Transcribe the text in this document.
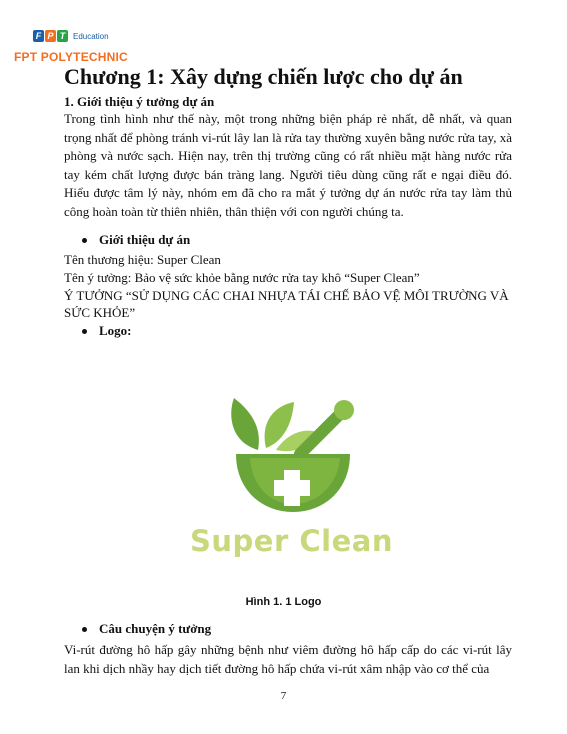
F P T Education
FPT POLYTECHNIC
Chương 1: Xây dựng chiến lược cho dự án
1. Giới thiệu ý tưởng dự án

Trong tình hình như thế này, một trong những biện pháp rẻ nhất, dễ nhất, và quan trọng nhất để phòng tránh vi-rút lây lan là rửa tay thường xuyên bằng nước rửa tay, xà phòng và nước sạch. Hiện nay, trên thị trường cũng có rất nhiều mặt hàng nước rửa tay kém chất lượng được bán tràng lang. Người tiêu dùng cũng rất e ngại điều đó. Hiểu được tâm lý này, nhóm em đã cho ra mắt ý tưởng dự án nước rửa tay làm thủ công hoàn toàn từ thiên nhiên, thân thiện với con người chúng ta.

Giới thiệu dự án
Tên thương hiệu: Super Clean
Tên ý tưởng: Bảo vệ sức khỏe bằng nước rửa tay khô “Super Clean”

Ý TƯỞNG “SỬ DỤNG CÁC CHAI NHỰA TÁI CHẾ BẢO VỆ MÔI TRƯỜNG VÀ SỨC KHỎE”

Logo:
Super Clean
Hình 1. 1 Logo
Câu chuyện ý tưởng

Vi-rút đường hô hấp gây những bệnh như viêm đường hô hấp cấp do các vi-rút lây lan khi dịch nhầy hay dịch tiết đường hô hấp chứa vi-rút xâm nhập vào cơ thể của

7
